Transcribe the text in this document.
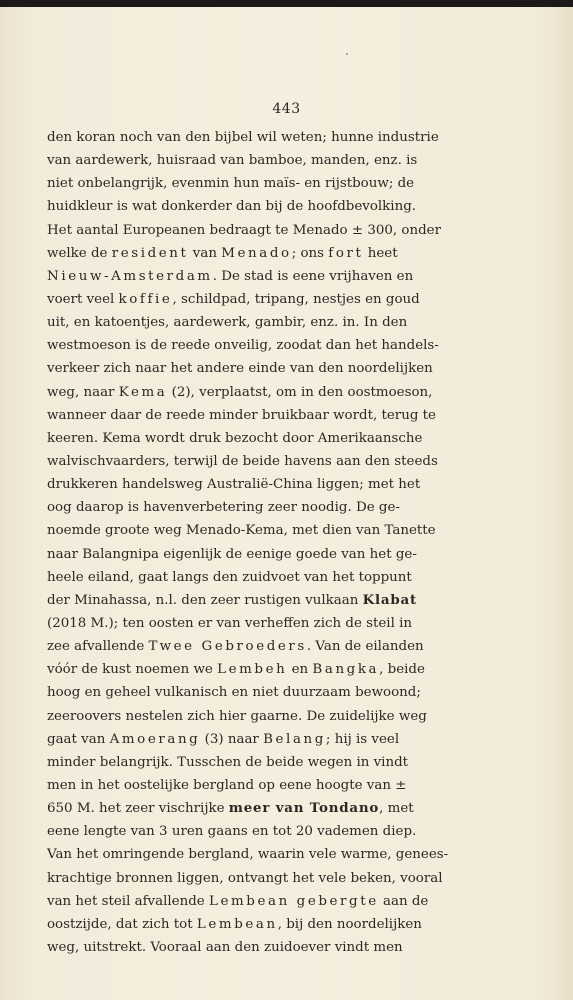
443
den koran noch van den bijbel wil weten; hunne industrie
van aardewerk, huisraad van bamboe, manden, enz. is
niet onbelangrijk, evenmin hun maïs- en rijstbouw; de
huidkleur is wat donkerder dan bij de hoofdbevolking.
Het aantal Europeanen bedraagt te Menado ± 300, onder
welke de resident van Menado; ons fort heet
Nieuw-Amsterdam. De stad is eene vrijhaven en
voert veel koffie, schildpad, tripang, nestjes en goud
uit, en katoentjes, aardewerk, gambir, enz. in. In den
westmoeson is de reede onveilig, zoodat dan het handels-
verkeer zich naar het andere einde van den noordelijken
weg, naar Kema (2), verplaatst, om in den oostmoeson,
wanneer daar de reede minder bruikbaar wordt, terug te
keeren. Kema wordt druk bezocht door Amerikaansche
walvischvaarders, terwijl de beide havens aan den steeds
drukkeren handelsweg Australië-China liggen; met het
oog daarop is havenverbetering zeer noodig. De ge-
noemde groote weg Menado-Kema, met dien van Tanette
naar Balangnipa eigenlijk de eenige goede van het ge-
heele eiland, gaat langs den zuidvoet van het toppunt
der Minahassa, n.l. den zeer rustigen vulkaan Klabat
(2018 M.); ten oosten er van verheffen zich de steil in
zee afvallende Twee Gebroeders. Van de eilanden
vóór de kust noemen we Lembeh en Bangka, beide
hoog en geheel vulkanisch en niet duurzaam bewoond;
zeeroovers nestelen zich hier gaarne. De zuidelijke weg
gaat van Amoerang (3) naar Belang; hij is veel
minder belangrijk. Tusschen de beide wegen in vindt
men in het oostelijke bergland op eene hoogte van ±
650 M. het zeer vischrijke meer van Tondano, met
eene lengte van 3 uren gaans en tot 20 vademen diep.
Van het omringende bergland, waarin vele warme, genees-
krachtige bronnen liggen, ontvangt het vele beken, vooral
van het steil afvallende Lembean gebergte aan de
oostzijde, dat zich tot Lembean, bij den noordelijken
weg, uitstrekt. Vooraal aan den zuidoever vindt men
